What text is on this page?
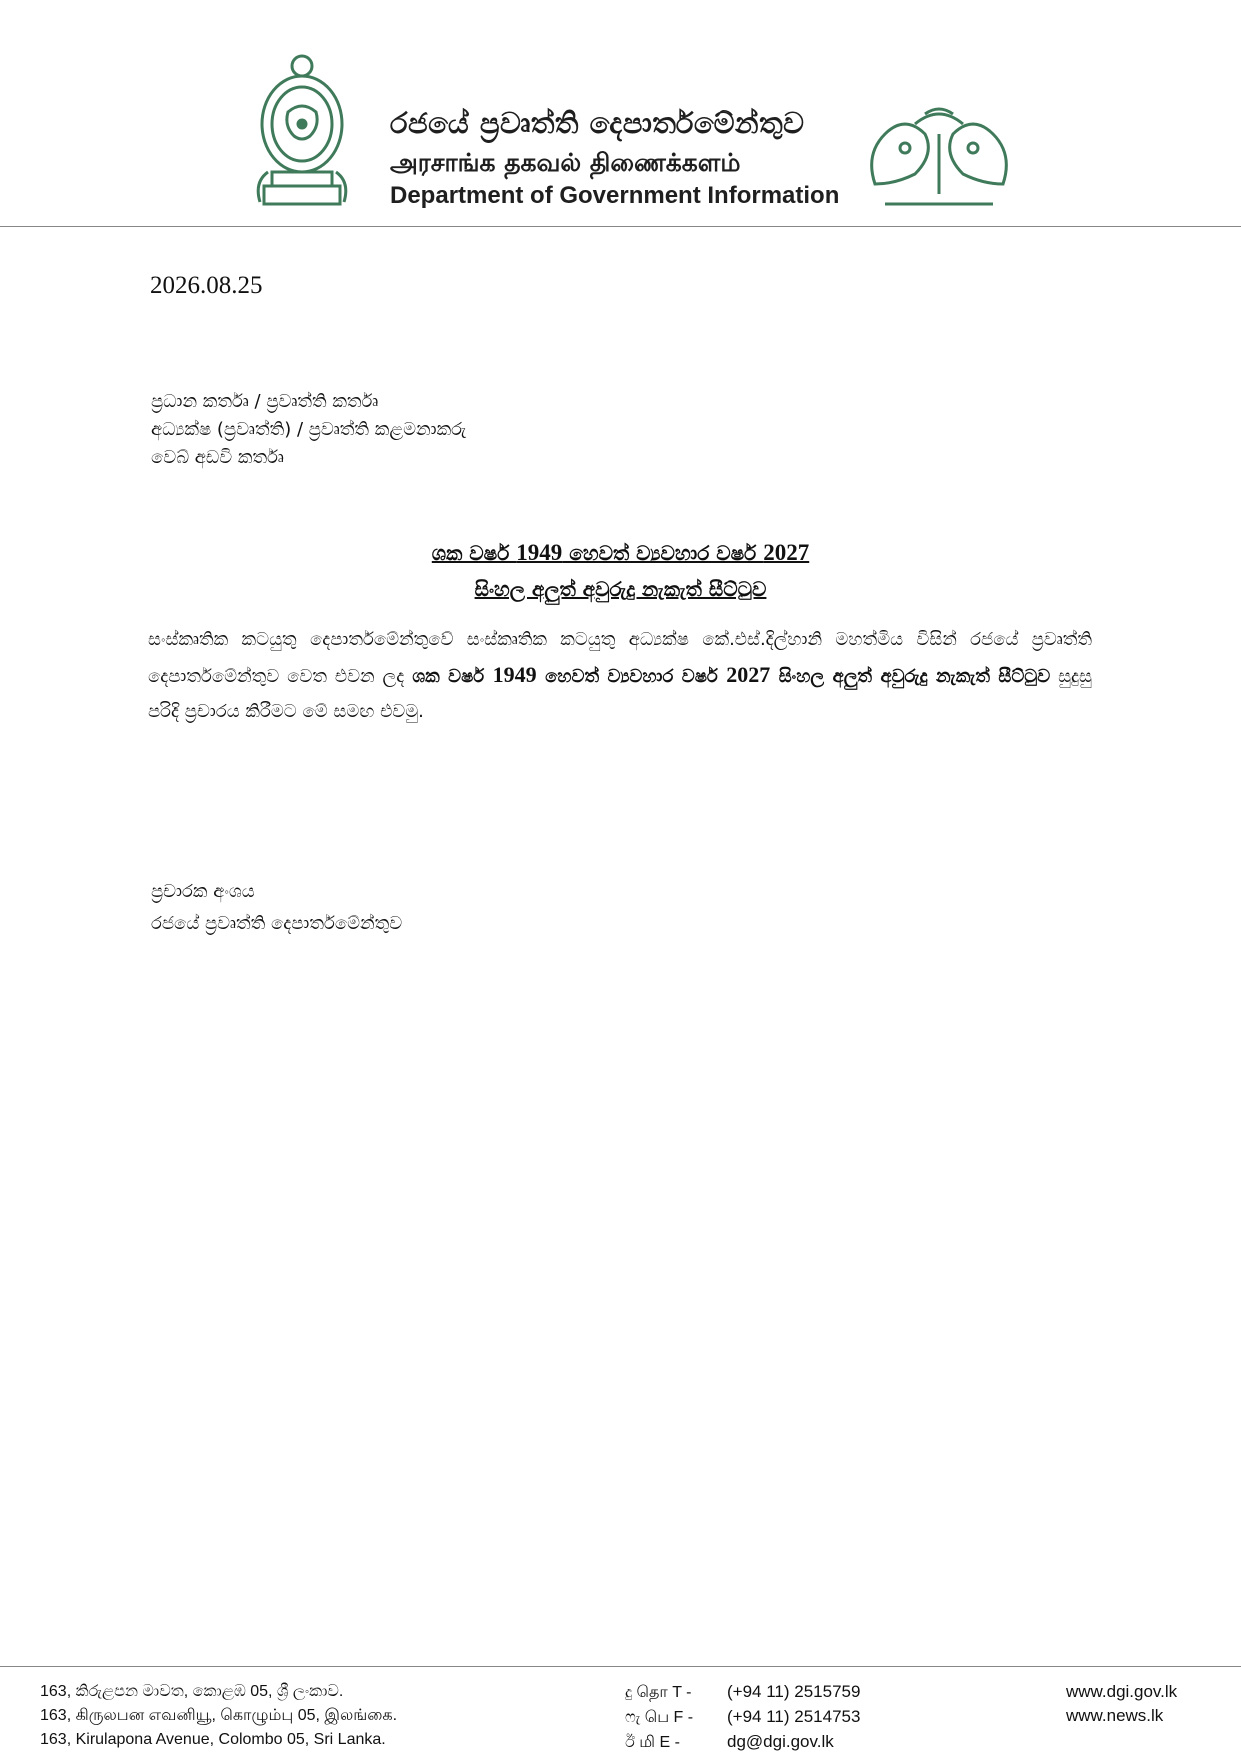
රජයේ ප්‍රවෘත්ති දෙපාර්තමේන්තුව
அரசாங்க தகவல் திணைக்களம்
Department of Government Information
2026.08.25
ප්‍රධාන කර්තෘ / ප්‍රවෘත්ති කර්තෘ
අධ්‍යක්ෂ (ප්‍රවෘත්ති) / ප්‍රවෘත්ති කළමනාකරු
වෙබ් අඩවි කර්තෘ
ශක වර්ෂ 1949 හෙවත් ව්‍යවහාර වර්ෂ 2027
සිංහල අලුත් අවුරුදු නැකැත් සීට්ටුව
සංස්කෘතික කටයුතු දෙපාර්තමේන්තුවේ සංස්කෘතික කටයුතු අධ්‍යක්ෂ කේ.එස්.දිල්හානි මහත්මිය විසින් රජයේ ප්‍රවෘත්ති දෙපාර්තමේන්තුව වෙත එවන ලද ශක වර්ෂ 1949 හෙවත් ව්‍යවහාර වර්ෂ 2027 සිංහල අලුත් අවුරුදු නැකැත් සීට්ටුව සුදුසු පරිදි ප්‍රචාරය කිරීමට මේ සමඟ එවමු.
ප්‍රචාරක අංශය
රජයේ ප්‍රවෘත්ති දෙපාර්තමේන්තුව
163, කිරුළපන මාවත, කොළඹ 05, ශ්‍රී ලංකාව.
163, கிருலபன எவனியூ, கொழும்பு 05, இலங்கை.
163, Kirulapona Avenue, Colombo 05, Sri Lanka.
දු தொ T - (+94 11) 2515759
ෆැ பெ F - (+94 11) 2514753
ඊ மி E -	dg@dgi.gov.lk
www.dgi.gov.lk
www.news.lk
